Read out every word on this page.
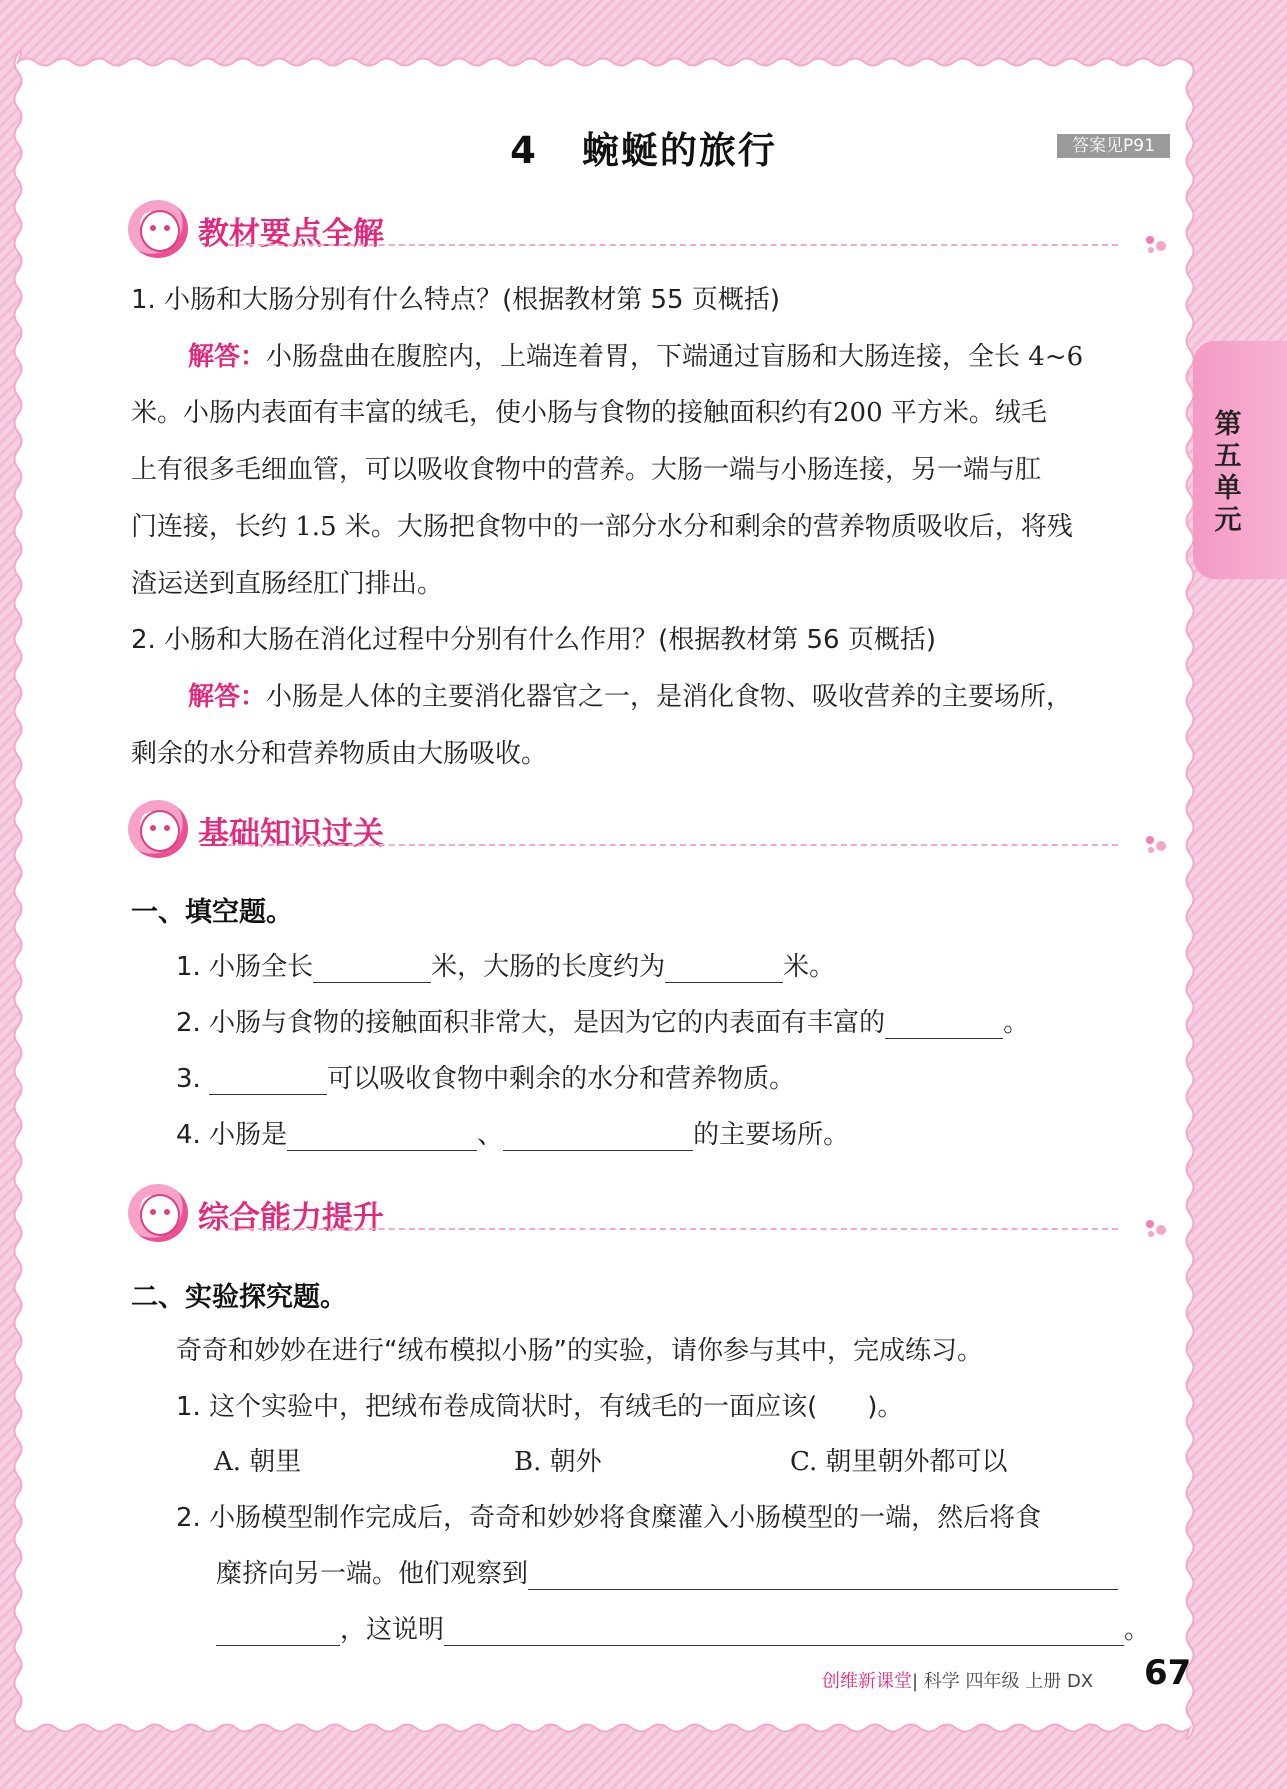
4 蜿蜒的旅行	答案见P91
第五单元
教材要点全解
1. 小肠和大肠分别有什么特点？(根据教材第 55 页概括)
解答：小肠盘曲在腹腔内，上端连着胃，下端通过盲肠和大肠连接，全长 4~6
米。小肠内表面有丰富的绒毛，使小肠与食物的接触面积约有200 平方米。绒毛
上有很多毛细血管，可以吸收食物中的营养。大肠一端与小肠连接，另一端与肛
门连接，长约 1.5 米。大肠把食物中的一部分水分和剩余的营养物质吸收后，将残
渣运送到直肠经肛门排出。
2. 小肠和大肠在消化过程中分别有什么作用？(根据教材第 56 页概括)
解答：小肠是人体的主要消化器官之一，是消化食物、吸收营养的主要场所，
剩余的水分和营养物质由大肠吸收。
基础知识过关
一、填空题。
1. 小肠全长	米，大肠的长度约为	米。
2. 小肠与食物的接触面积非常大，是因为它的内表面有丰富的	。
3.	可以吸收食物中剩余的水分和营养物质。
4. 小肠是	、	的主要场所。
综合能力提升
二、实验探究题。
奇奇和妙妙在进行“绒布模拟小肠”的实验，请你参与其中，完成练习。
1. 这个实验中，把绒布卷成筒状时，有绒毛的一面应该( )。
A. 朝里	B. 朝外	C. 朝里朝外都可以
2. 小肠模型制作完成后，奇奇和妙妙将食糜灌入小肠模型的一端，然后将食
糜挤向另一端。他们观察到
，这说明	。
创维新课堂| 科学 四年级 上册 DX 67
